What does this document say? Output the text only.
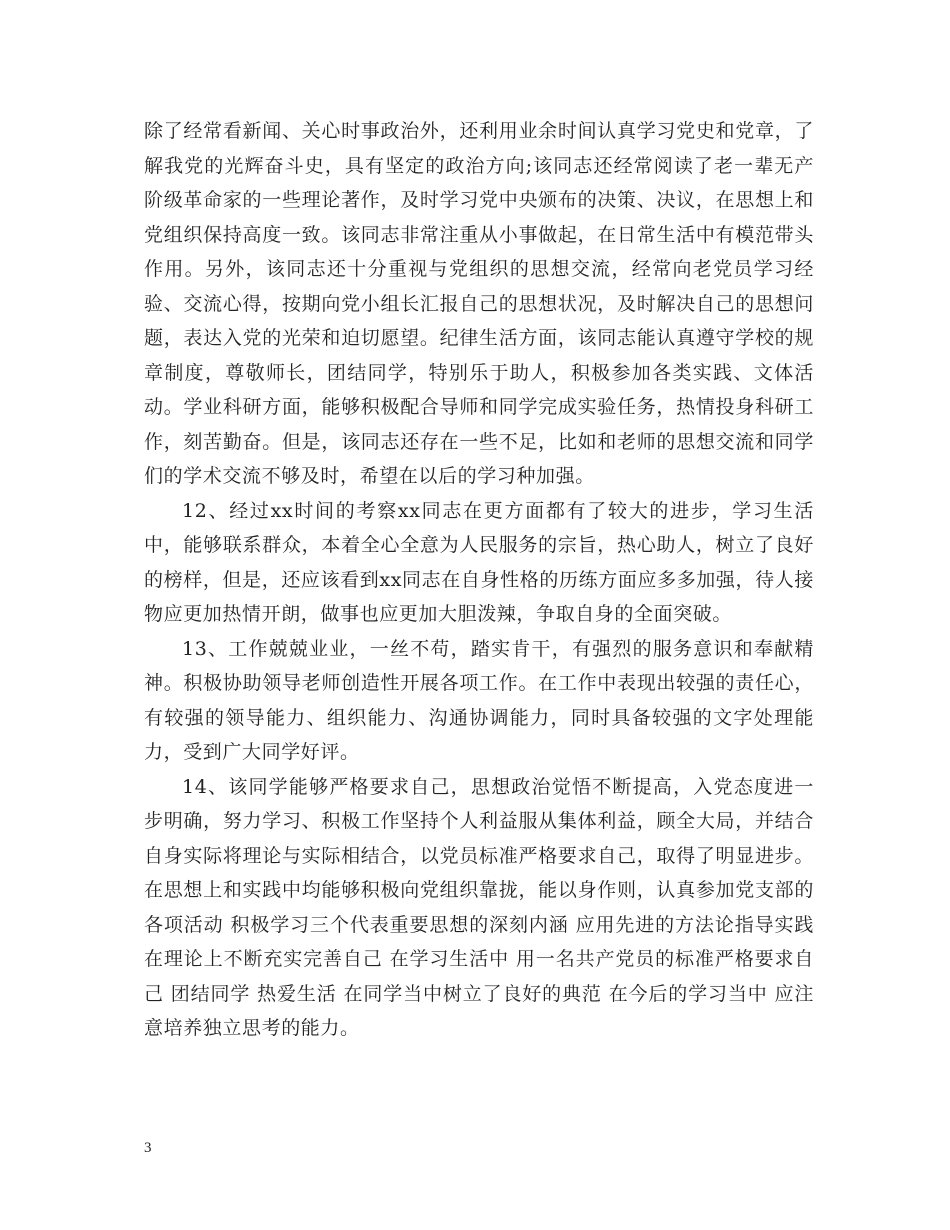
除了经常看新闻、关心时事政治外，还利用业余时间认真学习党史和党章，了解我党的光辉奋斗史，具有坚定的政治方向;该同志还经常阅读了老一辈无产阶级革命家的一些理论著作，及时学习党中央颁布的决策、决议，在思想上和党组织保持高度一致。该同志非常注重从小事做起，在日常生活中有模范带头作用。另外，该同志还十分重视与党组织的思想交流，经常向老党员学习经验、交流心得，按期向党小组长汇报自己的思想状况，及时解决自己的思想问题，表达入党的光荣和迫切愿望。纪律生活方面，该同志能认真遵守学校的规章制度，尊敬师长，团结同学，特别乐于助人，积极参加各类实践、文体活动。学业科研方面，能够积极配合导师和同学完成实验任务，热情投身科研工作，刻苦勤奋。但是，该同志还存在一些不足，比如和老师的思想交流和同学们的学术交流不够及时，希望在以后的学习种加强。

12、经过xx时间的考察xx同志在更方面都有了较大的进步，学习生活中，能够联系群众，本着全心全意为人民服务的宗旨，热心助人，树立了良好的榜样，但是，还应该看到xx同志在自身性格的历练方面应多多加强，待人接物应更加热情开朗，做事也应更加大胆泼辣，争取自身的全面突破。

13、工作兢兢业业，一丝不苟，踏实肯干，有强烈的服务意识和奉献精神。积极协助领导老师创造性开展各项工作。在工作中表现出较强的责任心，有较强的领导能力、组织能力、沟通协调能力，同时具备较强的文字处理能力，受到广大同学好评。

14、该同学能够严格要求自己，思想政治觉悟不断提高，入党态度进一步明确，努力学习、积极工作坚持个人利益服从集体利益，顾全大局，并结合自身实际将理论与实际相结合，以党员标准严格要求自己，取得了明显进步。在思想上和实践中均能够积极向党组织靠拢，能以身作则，认真参加党支部的各项活动 积极学习三个代表重要思想的深刻内涵 应用先进的方法论指导实践 在理论上不断充实完善自己 在学习生活中 用一名共产党员的标准严格要求自己 团结同学 热爱生活 在同学当中树立了良好的典范 在今后的学习当中 应注意培养独立思考的能力。

3
